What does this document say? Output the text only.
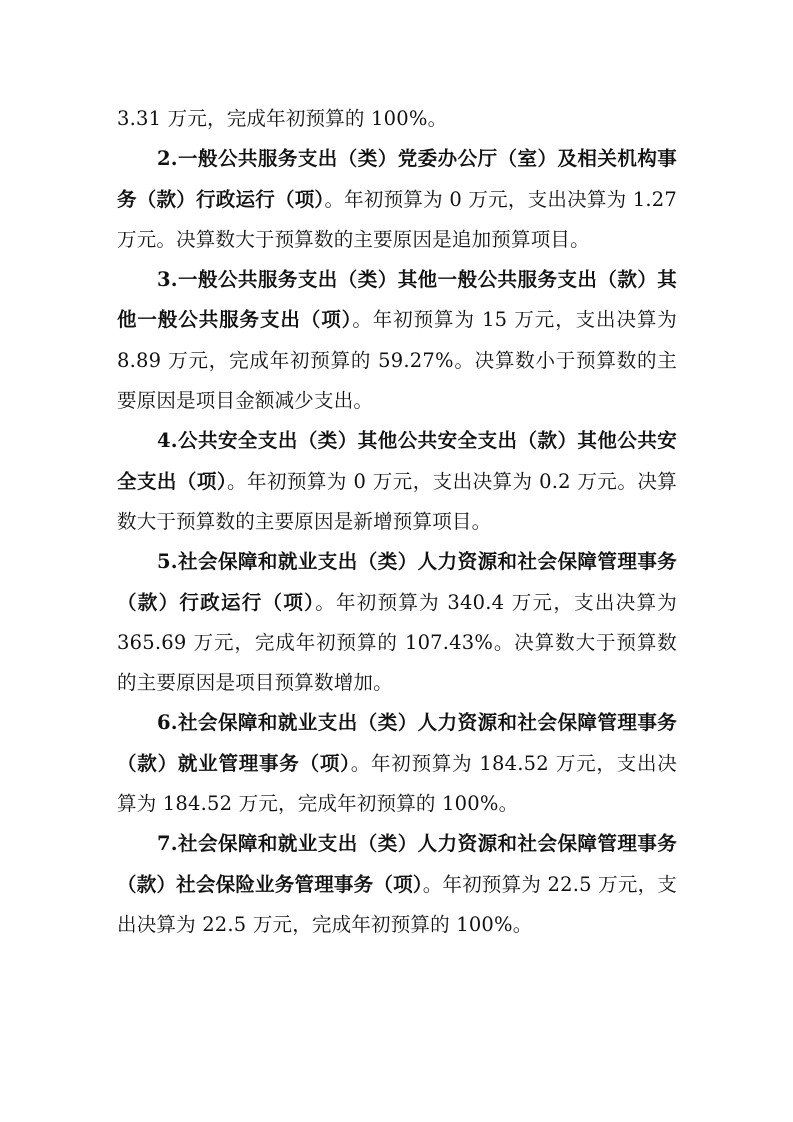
3.31 万元，完成年初预算的 100%。

2.一般公共服务支出（类）党委办公厅（室）及相关机构事务（款）行政运行（项）。年初预算为 0 万元，支出决算为 1.27 万元。决算数大于预算数的主要原因是追加预算项目。

3.一般公共服务支出（类）其他一般公共服务支出（款）其他一般公共服务支出（项）。年初预算为 15 万元，支出决算为 8.89 万元，完成年初预算的 59.27%。决算数小于预算数的主要原因是项目金额减少支出。

4.公共安全支出（类）其他公共安全支出（款）其他公共安全支出（项）。年初预算为 0 万元，支出决算为 0.2 万元。决算数大于预算数的主要原因是新增预算项目。

5.社会保障和就业支出（类）人力资源和社会保障管理事务（款）行政运行（项）。年初预算为 340.4 万元，支出决算为 365.69 万元，完成年初预算的 107.43%。决算数大于预算数的主要原因是项目预算数增加。

6.社会保障和就业支出（类）人力资源和社会保障管理事务（款）就业管理事务（项）。年初预算为 184.52 万元，支出决算为 184.52 万元，完成年初预算的 100%。

7.社会保障和就业支出（类）人力资源和社会保障管理事务（款）社会保险业务管理事务（项）。年初预算为 22.5 万元，支出决算为 22.5 万元，完成年初预算的 100%。
